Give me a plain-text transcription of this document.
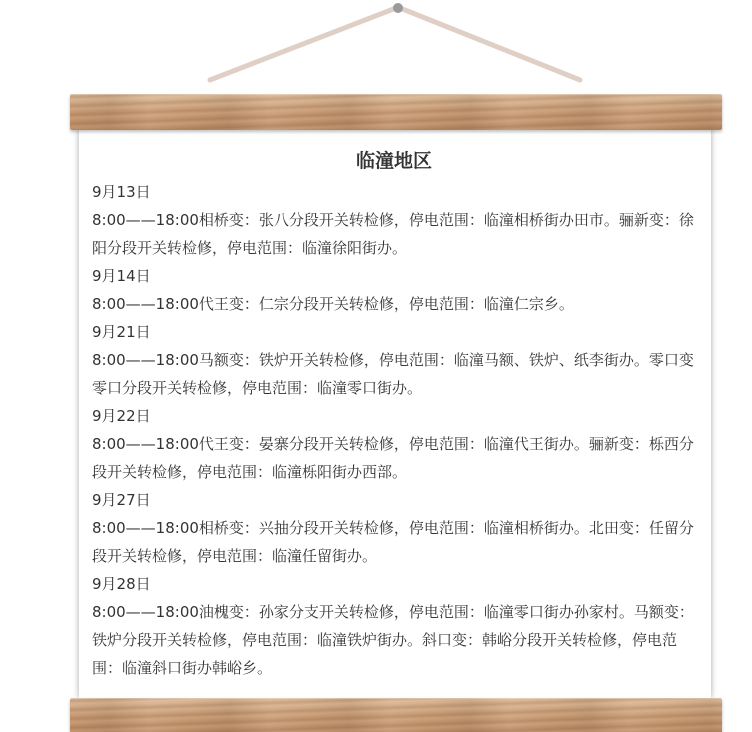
临潼地区

9月13日

8:00——18:00相桥变：张八分段开关转检修，停电范围：临潼相桥街办田市。骊新变：徐阳分段开关转检修，停电范围：临潼徐阳街办。

9月14日

8:00——18:00代王变：仁宗分段开关转检修，停电范围：临潼仁宗乡。

9月21日

8:00——18:00马额变：铁炉开关转检修，停电范围：临潼马额、铁炉、纸李街办。零口变零口分段开关转检修，停电范围：临潼零口街办。

9月22日

8:00——18:00代王变：晏寨分段开关转检修，停电范围：临潼代王街办。骊新变：栎西分段开关转检修，停电范围：临潼栎阳街办西部。

9月27日

8:00——18:00相桥变：兴抽分段开关转检修，停电范围：临潼相桥街办。北田变：任留分段开关转检修，停电范围：临潼任留街办。

9月28日

8:00——18:00油槐变：孙家分支开关转检修，停电范围：临潼零口街办孙家村。马额变：铁炉分段开关转检修，停电范围：临潼铁炉街办。斜口变：韩峪分段开关转检修，停电范围：临潼斜口街办韩峪乡。
